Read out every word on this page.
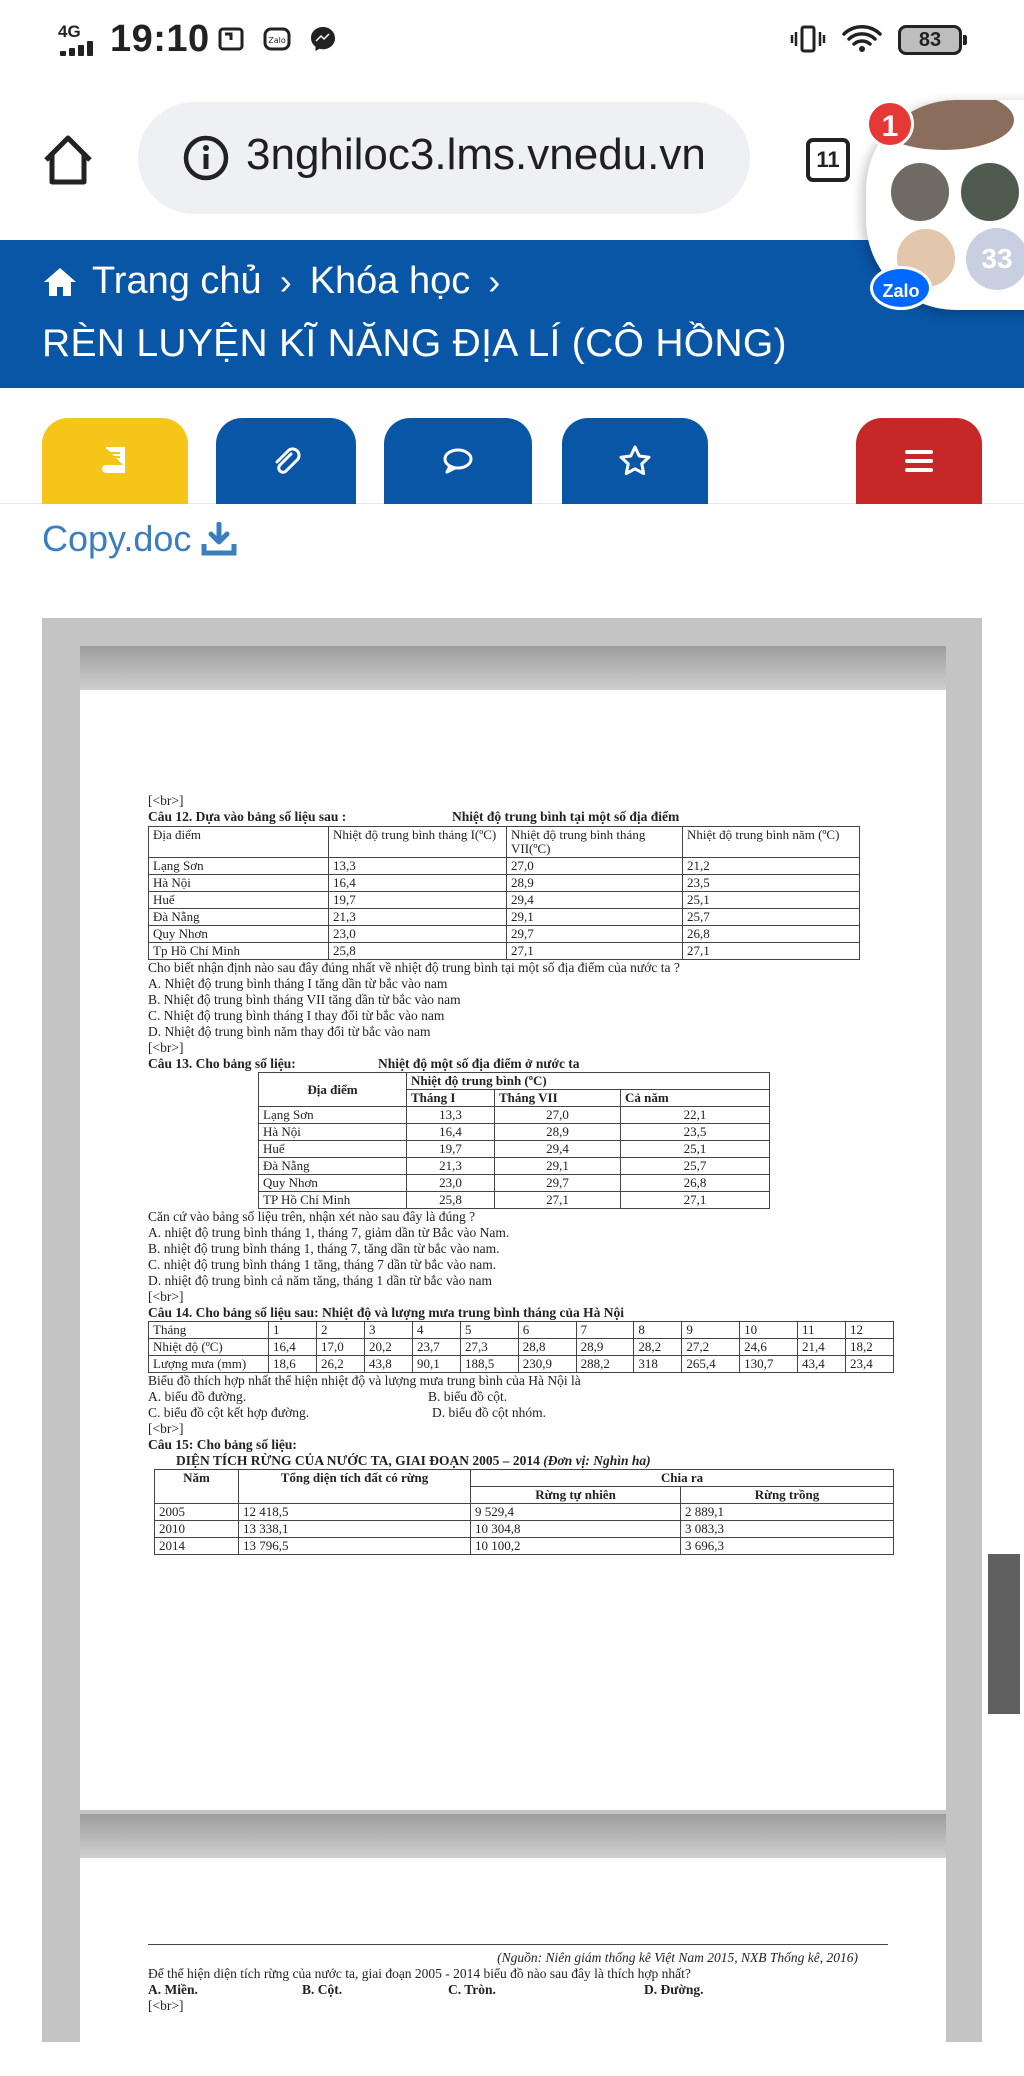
4G 19:10	Zalo	83
3nghiloc3.lms.vnedu.vn	11
Trang chủ › Khóa học ›
RÈN LUYỆN KĨ NĂNG ĐỊA LÍ (CÔ HỒNG)
33
1
Zalo
Copy.doc

[<br>]

Câu 12. Dựa vào bảng số liệu sau :	Nhiệt độ trung bình tại một số địa điểm

Địa điểm	Nhiệt độ trung bình tháng I(ºC)	Nhiệt độ trung bình tháng VII(ºC)	Nhiệt độ trung bình năm (ºC)
Lạng Sơn	13,3	27,0	21,2
Hà Nội	16,4	28,9	23,5
Huế	19,7	29,4	25,1
Đà Nẵng	21,3	29,1	25,7
Quy Nhơn	23,0	29,7	26,8
Tp Hồ Chí Minh	25,8	27,1	27,1

Cho biết nhận định nào sau đây đúng nhất về nhiệt độ trung bình tại một số địa điểm của nước ta ?

A. Nhiệt độ trung bình tháng I tăng dần từ bắc vào nam

B. Nhiệt độ trung bình tháng VII tăng dần từ bắc vào nam

C. Nhiệt độ trung bình tháng I thay đổi từ bắc vào nam

D. Nhiệt độ trung bình năm thay đổi từ bắc vào nam

[<br>]

Câu 13. Cho bảng số liệu:	Nhiệt độ một số địa điểm ở nước ta

Địa điểm	Nhiệt độ trung bình (ºC)		
	Tháng I	Tháng VII	Cả năm
Lạng Sơn	13,3	27,0	22,1
Hà Nội	16,4	28,9	23,5
Huế	19,7	29,4	25,1
Đà Nẵng	21,3	29,1	25,7
Quy Nhơn	23,0	29,7	26,8
TP Hồ Chí Minh	25,8	27,1	27,1

Căn cứ vào bảng số liệu trên, nhận xét nào sau đây là đúng ?

A. nhiệt độ trung bình tháng 1, tháng 7, giảm dần từ Bắc vào Nam.

B. nhiệt độ trung bình tháng 1, tháng 7, tăng dần từ bắc vào nam.

C. nhiệt độ trung bình tháng 1 tăng, tháng 7 dần từ bắc vào nam.

D. nhiệt độ trung bình cả năm tăng, tháng 1 dần từ bắc vào nam

[<br>]

Câu 14. Cho bảng số liệu sau: Nhiệt độ và lượng mưa trung bình tháng của Hà Nội

Tháng	1	2	3	4	5	6	7	8	9	10	11	12
Nhiệt độ (ºC)	16,4	17,0	20,2	23,7	27,3	28,8	28,9	28,2	27,2	24,6	21,4	18,2
Lượng mưa (mm)	18,6	26,2	43,8	90,1	188,5	230,9	288,2	318	265,4	130,7	43,4	23,4

Biểu đồ thích hợp nhất thể hiện nhiệt độ và lượng mưa trung bình của Hà Nội là

A. biểu đồ đường.	B. biểu đồ cột.

C. biểu đồ cột kết hợp đường.	D. biểu đồ cột nhóm.

[<br>]

Câu 15: Cho bảng số liệu:

DIỆN TÍCH RỪNG CỦA NƯỚC TA, GIAI ĐOẠN 2005 – 2014 (Đơn vị: Nghìn ha)

Năm	Tổng diện tích đất có rừng	Chia ra	
		Rừng tự nhiên	Rừng trồng
2005	12 418,5	9 529,4	2 889,1
2010	13 338,1	10 304,8	3 083,3
2014	13 796,5	10 100,2	3 696,3

(Nguồn: Niên giám thống kê Việt Nam 2015, NXB Thống kê, 2016)

Để thể hiện diện tích rừng của nước ta, giai đoạn 2005 - 2014 biểu đồ nào sau đây là thích hợp nhất?

A. Miền.	B. Cột.	C. Tròn.	D. Đường.

[<br>]
